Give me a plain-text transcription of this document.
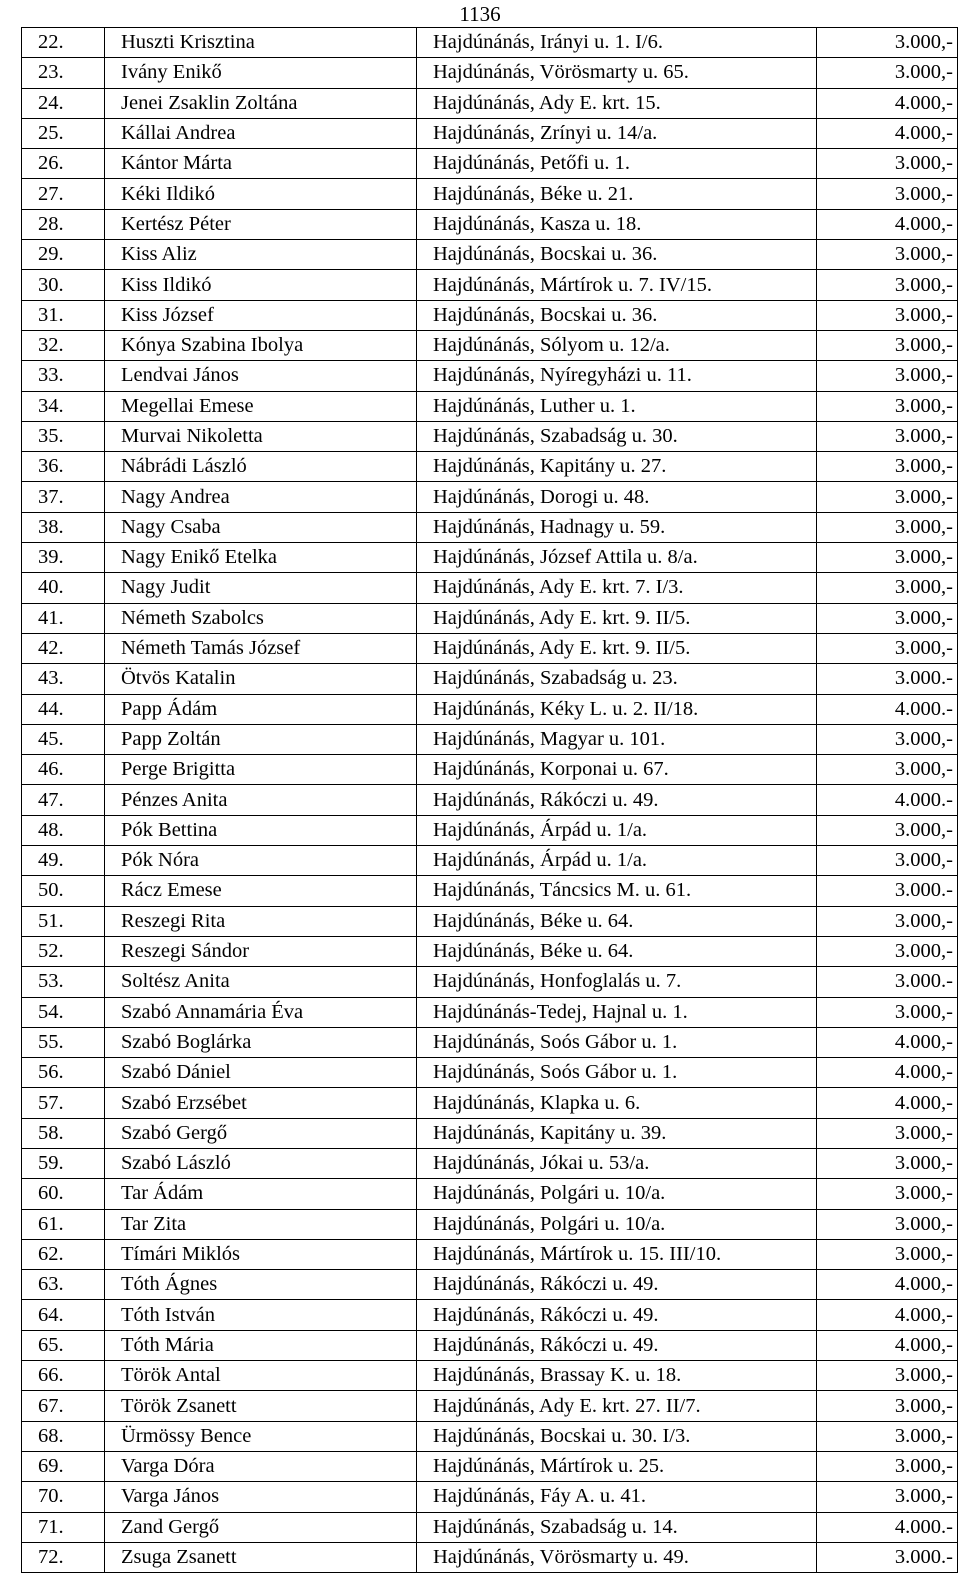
1136
22.	Huszti Krisztina	Hajdúnánás, Irányi u. 1. I/6.	3.000,-
23.	Ivány Enikő	Hajdúnánás, Vörösmarty u. 65.	3.000,-
24.	Jenei Zsaklin Zoltána	Hajdúnánás, Ady E. krt. 15.	4.000,-
25.	Kállai Andrea	Hajdúnánás, Zrínyi u. 14/a.	4.000,-
26.	Kántor Márta	Hajdúnánás, Petőfi u. 1.	3.000,-
27.	Kéki Ildikó	Hajdúnánás, Béke u. 21.	3.000,-
28.	Kertész Péter	Hajdúnánás, Kasza u. 18.	4.000,-
29.	Kiss Aliz	Hajdúnánás, Bocskai u. 36.	3.000,-
30.	Kiss Ildikó	Hajdúnánás, Mártírok u. 7. IV/15.	3.000,-
31.	Kiss József	Hajdúnánás, Bocskai u. 36.	3.000,-
32.	Kónya Szabina Ibolya	Hajdúnánás, Sólyom u. 12/a.	3.000,-
33.	Lendvai János	Hajdúnánás, Nyíregyházi u. 11.	3.000,-
34.	Megellai Emese	Hajdúnánás, Luther u. 1.	3.000,-
35.	Murvai Nikoletta	Hajdúnánás, Szabadság u. 30.	3.000,-
36.	Nábrádi László	Hajdúnánás, Kapitány u. 27.	3.000,-
37.	Nagy Andrea	Hajdúnánás, Dorogi u. 48.	3.000,-
38.	Nagy Csaba	Hajdúnánás, Hadnagy u. 59.	3.000,-
39.	Nagy Enikő Etelka	Hajdúnánás, József Attila u. 8/a.	3.000,-
40.	Nagy Judit	Hajdúnánás, Ady E. krt. 7. I/3.	3.000,-
41.	Németh Szabolcs	Hajdúnánás, Ady E. krt. 9. II/5.	3.000,-
42.	Németh Tamás József	Hajdúnánás, Ady E. krt. 9. II/5.	3.000,-
43.	Ötvös Katalin	Hajdúnánás, Szabadság u. 23.	3.000.-
44.	Papp Ádám	Hajdúnánás, Kéky L. u. 2. II/18.	4.000.-
45.	Papp Zoltán	Hajdúnánás, Magyar u. 101.	3.000,-
46.	Perge Brigitta	Hajdúnánás, Korponai u. 67.	3.000,-
47.	Pénzes Anita	Hajdúnánás, Rákóczi u. 49.	4.000.-
48.	Pók Bettina	Hajdúnánás, Árpád u. 1/a.	3.000,-
49.	Pók Nóra	Hajdúnánás, Árpád u. 1/a.	3.000,-
50.	Rácz Emese	Hajdúnánás, Táncsics M. u. 61.	3.000.-
51.	Reszegi Rita	Hajdúnánás, Béke u. 64.	3.000,-
52.	Reszegi Sándor	Hajdúnánás, Béke u. 64.	3.000,-
53.	Soltész Anita	Hajdúnánás, Honfoglalás u. 7.	3.000.-
54.	Szabó Annamária Éva	Hajdúnánás-Tedej, Hajnal u. 1.	3.000,-
55.	Szabó Boglárka	Hajdúnánás, Soós Gábor u. 1.	4.000,-
56.	Szabó Dániel	Hajdúnánás, Soós Gábor u. 1.	4.000,-
57.	Szabó Erzsébet	Hajdúnánás, Klapka u. 6.	4.000,-
58.	Szabó Gergő	Hajdúnánás, Kapitány u. 39.	3.000,-
59.	Szabó László	Hajdúnánás, Jókai u. 53/a.	3.000,-
60.	Tar Ádám	Hajdúnánás, Polgári u. 10/a.	3.000,-
61.	Tar Zita	Hajdúnánás, Polgári u. 10/a.	3.000,-
62.	Tímári Miklós	Hajdúnánás, Mártírok u. 15. III/10.	3.000,-
63.	Tóth Ágnes	Hajdúnánás, Rákóczi u. 49.	4.000,-
64.	Tóth István	Hajdúnánás, Rákóczi u. 49.	4.000,-
65.	Tóth Mária	Hajdúnánás, Rákóczi u. 49.	4.000,-
66.	Török Antal	Hajdúnánás, Brassay K. u. 18.	3.000,-
67.	Török Zsanett	Hajdúnánás, Ady E. krt. 27. II/7.	3.000,-
68.	Ürmössy Bence	Hajdúnánás, Bocskai u. 30. I/3.	3.000,-
69.	Varga Dóra	Hajdúnánás, Mártírok u. 25.	3.000,-
70.	Varga János	Hajdúnánás, Fáy A. u. 41.	3.000,-
71.	Zand Gergő	Hajdúnánás, Szabadság u. 14.	4.000.-
72.	Zsuga Zsanett	Hajdúnánás, Vörösmarty u. 49.	3.000.-
